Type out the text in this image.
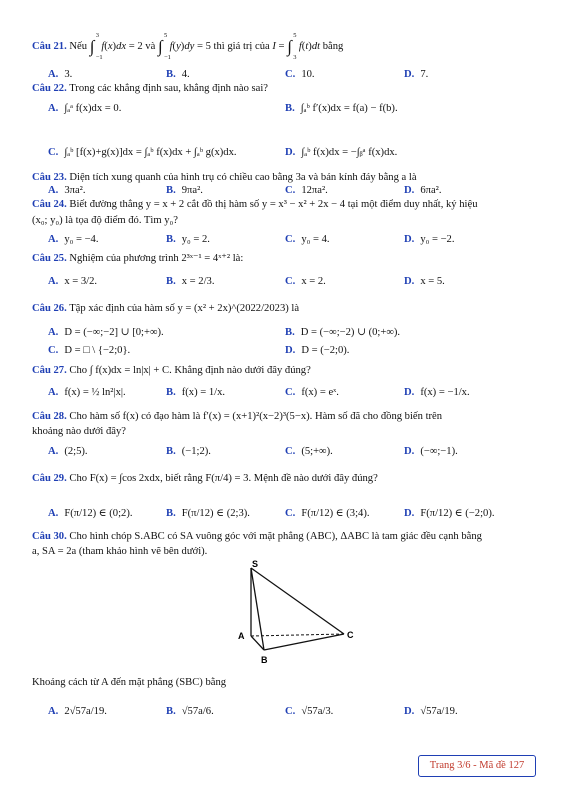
Câu 21. Nếu ∫
3
−1
f(x)dx = 2 và ∫
5
−1
f(y)dy = 5 thì giá trị của I = ∫
5
3
f(t)dt bằng
A. 3.	B. 4.	C. 10.	D. 7.
Câu 22. Trong các khẳng định sau, khẳng định nào sai?
A. ∫ₐᵃ f(x)dx = 0.	B. ∫ₐᵇ f′(x)dx = f(a) − f(b).
C. ∫ₐᵇ [f(x)+g(x)]dx = ∫ₐᵇ f(x)dx + ∫ₐᵇ g(x)dx.	D. ∫ₐᵇ f(x)dx = −∫ᵦᵃ f(x)dx.
Câu 23. Diện tích xung quanh của hình trụ có chiều cao bằng 3a và bán kính đáy bằng a là
A. 3πa².	B. 9πa².	C. 12πa².	D. 6πa².
Câu 24. Biết đường thẳng y = x + 2 cắt đồ thị hàm số y = x³ − x² + 2x − 4 tại một điểm duy nhất, ký hiệu
(x₀; y₀) là tọa độ điểm đó. Tìm y₀?
A. y₀ = −4.	B. y₀ = 2.	C. y₀ = 4.	D. y₀ = −2.
Câu 25. Nghiệm của phương trình 2³ˣ⁻¹ = 4ˣ⁺² là:
A. x = 3/2.	B. x = 2/3.	C. x = 2.	D. x = 5.
Câu 26. Tập xác định của hàm số y = (x² + 2x)^(2022/2023) là
A. D = (−∞;−2] ∪ [0;+∞).	B. D = (−∞;−2) ∪ (0;+∞).
C. D = □ \ {−2;0}.	D. D = (−2;0).
Câu 27. Cho ∫ f(x)dx = ln|x| + C. Khẳng định nào dưới đây đúng?
A. f(x) = ½ ln²|x|.	B. f(x) = 1/x.	C. f(x) = eˣ.	D. f(x) = −1/x.
Câu 28. Cho hàm số f(x) có đạo hàm là f′(x) = (x+1)²(x−2)³(5−x). Hàm số đã cho đồng biến trên
khoảng nào dưới đây?
A. (2;5).	B. (−1;2).	C. (5;+∞).	D. (−∞;−1).
Câu 29. Cho F(x) = ∫cos 2xdx, biết rằng F(π/4) = 3. Mệnh đề nào dưới đây đúng?
A. F(π/12) ∈ (0;2).	B. F(π/12) ∈ (2;3).	C. F(π/12) ∈ (3;4).	D. F(π/12) ∈ (−2;0).
Câu 30. Cho hình chóp S.ABC có SA vuông góc với mặt phẳng (ABC), ΔABC là tam giác đều cạnh bằng
a, SA = 2a (tham khảo hình vẽ bên dưới).
S
A
B
C
Khoảng cách từ A đến mặt phẳng (SBC) bằng
A. 2√57a/19.	B. √57a/6.	C. √57a/3.	D. √57a/19.
Trang 3/6 - Mã đề 127
